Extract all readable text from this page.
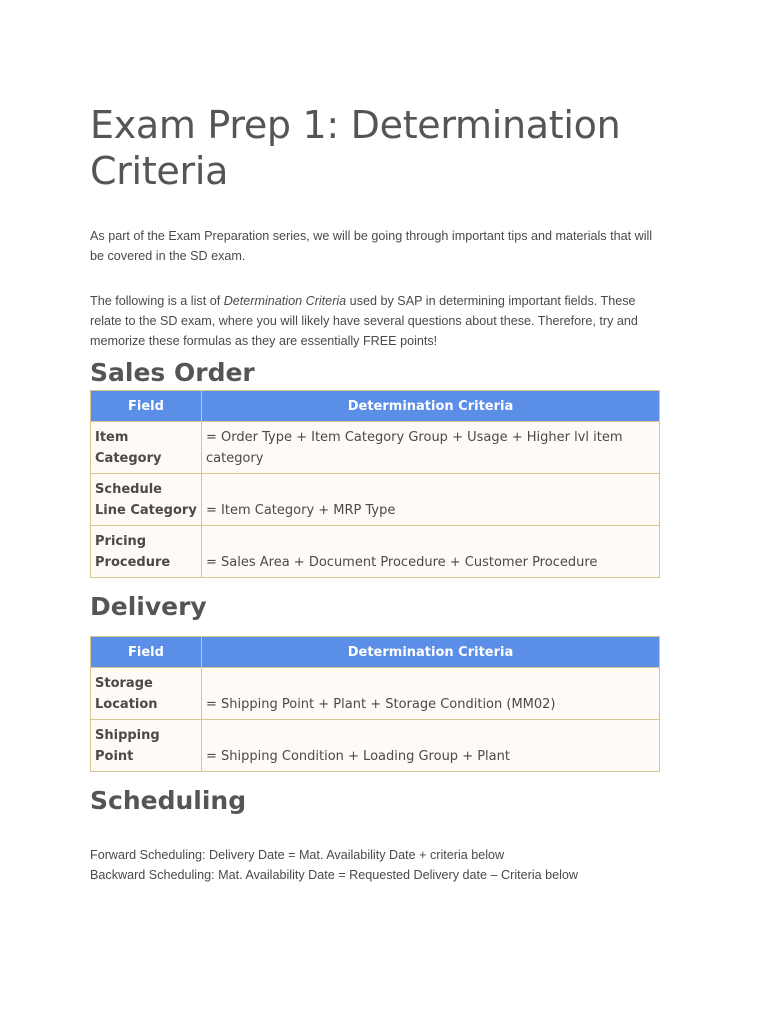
Exam Prep 1: Determination Criteria

As part of the Exam Preparation series, we will be going through important tips and materials that will be covered in the SD exam.

The following is a list of Determination Criteria used by SAP in determining important fields. These relate to the SD exam, where you will likely have several questions about these. Therefore, try and memorize these formulas as they are essentially FREE points!

Sales Order
Field	Determination Criteria
Item Category	= Order Type + Item Category Group + Usage + Higher lvl item category
Schedule Line Category	= Item Category + MRP Type
Pricing Procedure	= Sales Area + Document Procedure + Customer Procedure
Delivery
Field	Determination Criteria
Storage Location	= Shipping Point + Plant + Storage Condition (MM02)
Shipping Point	= Shipping Condition + Loading Group + Plant
Scheduling

Forward Scheduling: Delivery Date = Mat. Availability Date + criteria below

Backward Scheduling: Mat. Availability Date = Requested Delivery date – Criteria below
